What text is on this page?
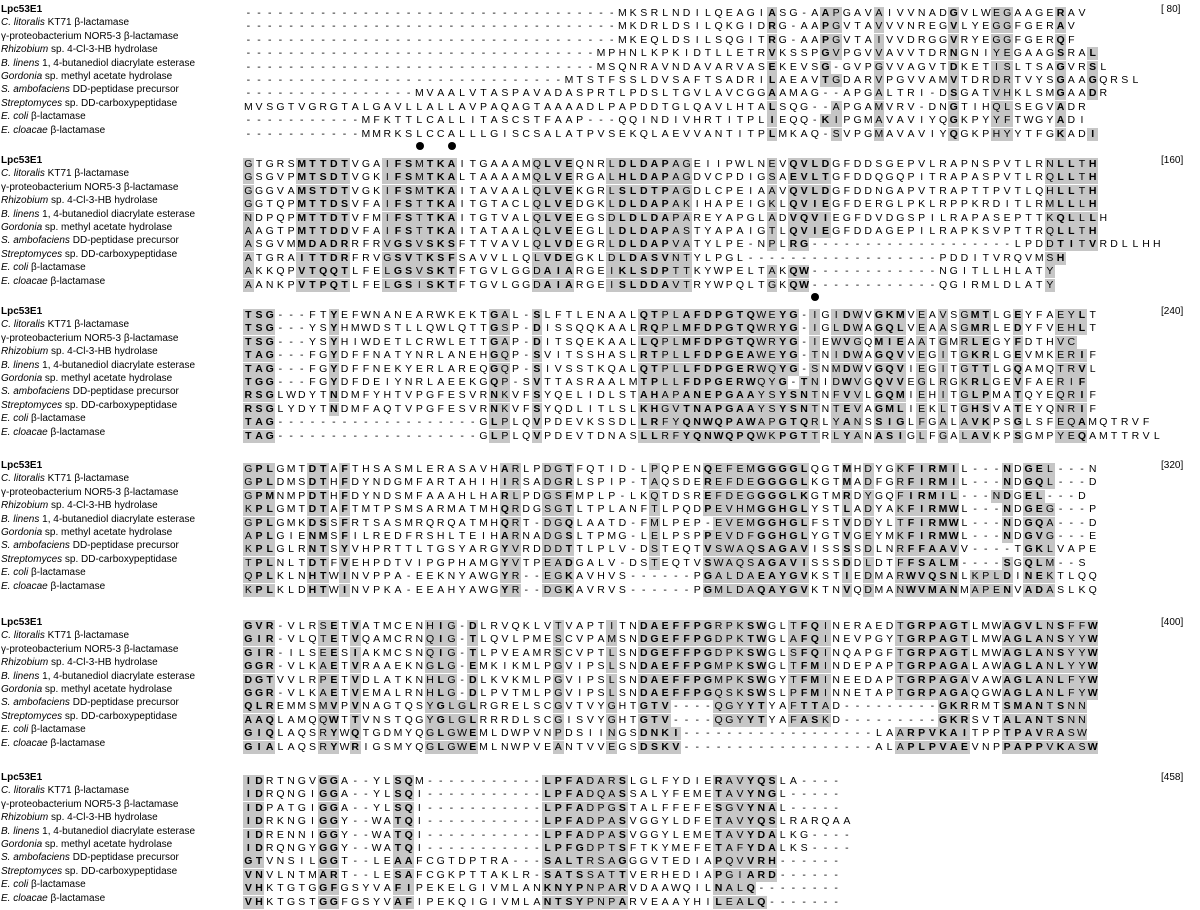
Lpc53E1	- - - - - - - - - - - - - - - - - - - - - - - - - - - - - - - - - - - M K S R L N D I L Q E A G I A S G - A A P G A V A I V V N A D G V L W E G A A G E R A V
C. litoralis KT71 β-lactamase	- - - - - - - - - - - - - - - - - - - - - - - - - - - - - - - - - - - M K D R L D S I L Q K G I D R G - A A P G V T A V V V N R E G V L Y E G G F G E R A V
γ-proteobacterium NOR5-3 β-lactamase	- - - - - - - - - - - - - - - - - - - - - - - - - - - - - - - - - - - M K E Q L D S I L S Q G I T R G - A A P G V T A I V V D R G G V R Y E G G F G E R Q F
Rhizobium sp. 4-Cl-3-HB hydrolase	- - - - - - - - - - - - - - - - - - - - - - - - - - - - - - - - - M P H N L K P K I D T L L E T R V K S S P G V P G V V A V V T D R N G N I Y E G A A G S R A L
B. linens 1, 4-butanediol diacrylate esterase	- - - - - - - - - - - - - - - - - - - - - - - - - - - - - - - - - M S Q N R A V N D A V A R V A S E K E V S G - G V P G V V A G V T D K E T I S L T S A G V R S L
Gordonia sp. methyl acetate hydrolase	- - - - - - - - - - - - - - - - - - - - - - - - - - - - - - M T S T F S S L D V S A F T S A D R I L A E A V T G D A R V P G V V A M V T D R D R T V Y S G A A G Q R S L
S. ambofaciens DD-peptidase precursor	- - - - - - - - - - - - - - - - M V A A L V T A S P A V A D A S P R T L P D S L T G V L A V C G G A A M A G - - A P G A L T R I - D S G A T V H K L S M G A A D R
Streptomyces sp. DD-carboxypeptidase	M V S G T V G R G T A L G A V L L A L L A V P A Q A G T A A A A D L P A P D D T G L Q A V L H T A L S Q G - - A P G A M V R V - D N G T I H Q L S E G V A D R
E. coli β-lactamase	- - - - - - - - - - - M F K T T L C A L L I T A S C S T F A A P - - - Q Q I N D I V H R T I T P L I E Q Q - K I P G M A V A V I Y Q G K P Y Y F T W G Y A D I
E. cloacae β-lactamase	- - - - - - - - - - - M M R K S L C C A L L L G I S C S A L A T P V S E K Q L A E V V A N T I T P L M K A Q - S V P G M A V A V I Y Q G K P H Y Y T F G K A D I
[ 80]
Lpc53E1	G T G R S M T T D T V G A I F S M T K A I T G A A A M Q L V E Q N R L D L D A P A G E I I P W L N E V Q V L D G F D D S G E P V L R A P N S P V T L R N L L T H
C. litoralis KT71 β-lactamase	G S G V P M T S D T V G K I F S M T K A L T A A A A M Q L V E R G A L H L D A P A G D V C P D I G S A E V L T G F D D Q G Q P I T R A P A S P V T L R Q L L T H
γ-proteobacterium NOR5-3 β-lactamase	G G G V A M S T D T V G K I F S M T K A I T A V A A L Q L V E K G R L S L D T P A G D L C P E I A A V Q V L D G F D D N G A P V T R A P T T P V T L Q H L L T H
Rhizobium sp. 4-Cl-3-HB hydrolase	G G T Q P M T T D S V F A I F S T T K A I T G T A C L Q L V E D G K L D L D A P A K I H A P E I G K L Q V I E G F D E R G L P K L R P P K R D I T L R M L L L H
B. linens 1, 4-butanediol diacrylate esterase	N D P Q P M T T D T V F M I F S T T K A I T G T V A L Q L V E E G S D L D L D A P A R E Y A P G L A D V Q V I E G F D V D G S P I L R A P A S E P T T K Q L L L H
Gordonia sp. methyl acetate hydrolase	A A G T P M T T D D V F A I F S T T K A I T A T A A L Q L V E E G L L D L D A P A S T Y A P A I G T L Q V I E G F D D A G E P I L R A P K S V P T T R Q L L T H
S. ambofaciens DD-peptidase precursor	A S G V M M D A D R R F R V G S V S K S F T T V A V L Q L V D E G R L D L D A P V A T Y L P E - N P L R G - - - - - - - - - - - - - - - - - - - L P D D T I T V R D L L H H
Streptomyces sp. DD-carboxypeptidase	A T G R A I T T D R F R V G S V T K S F S A V V L L Q L V D E G K L D L D A S V N T Y L P G L - - - - - - - - - - - - - - - - - - P D D I T V R Q V M S H
E. coli β-lactamase	A K K Q P V T Q Q T L F E L G S V S K T F T G V L G G D A I A R G E I K L S D P T T K Y W P E L T A K Q W - - - - - - - - - - - - N G I T L L H L A T Y
E. cloacae β-lactamase	A A N K P V T P Q T L F E L G S I S K T F T G V L G G D A I A R G E I S L D D A V T R Y W P Q L T G K Q W - - - - - - - - - - - - Q G I R M L D L A T Y
[160]
Lpc53E1	T S G - - - F T Y E F W N A N E A R W K E K T G A L - S L F T L E N A A L Q T P L A F D P G T Q W E Y G - I G I D W V G K M V E A V S G M T L G E Y F A E Y L T
C. litoralis KT71 β-lactamase	T S G - - - Y S Y H MW D S T L L Q W L Q T T G S P - D I S S Q Q K A A L R Q P L M F D P G T Q W R Y G - I G L D W A G Q L V E A A S G M R L E D Y F V E H L T
γ-proteobacterium NOR5-3 β-lactamase	T S G - - - Y S Y H I W D E T L C R W L E T T G A P - D I T S Q E K A A L L Q P L M F D P G T Q W R Y G - I E W V G Q M I E A A T G M R L E G Y F D T H V C
Rhizobium sp. 4-Cl-3-HB hydrolase	T A G - - - F G Y D F F N A T Y N R L A N E H G Q P - S V I T S S H A S L R T P L L F D P G E A W E Y G - T N I D W A G Q V V E G I T G K R L G E V M K E R I F
B. linens 1, 4-butanediol diacrylate esterase	T A G - - - F G Y D F F N E K Y E R L A R E Q G Q P - S I V S S T K Q A L Q T P L L F D P G E R W Q Y G - S N M D W V G Q V I E G I T G T T L G Q A M Q T R V L
Gordonia sp. methyl acetate hydrolase	T G G - - - F G Y D F D E I Y N R L A E E K G Q P - S V T T A S R A A L M T P L L F D P G E R W Q Y G - T N I D W V G Q V V E G L R G K R L G E V F A E R I F
S. ambofaciens DD-peptidase precursor	R S G L W D Y T N D M F Y H T V P G F E S V R N K V F S Y Q E L I D L S T A H A P A N E P G A A Y S Y S N T N F V V L G Q M I E H I T G L P M A T Q Y E Q R I F
Streptomyces sp. DD-carboxypeptidase	R S G L Y D Y T N D M F A Q T V P G F E S V R N K V F S Y Q D L I T L S L K H G V T N A P G A A Y S Y S N T N T E V A G M L I E K L T G H S V A T E Y Q N R I F
E. coli β-lactamase	T A G - - - - - - - - - - - - - - - - - - - G L P L Q V P D E V K S S D L L R F Y Q N W Q P A W A P G T Q R L Y A N S S I G L F G A L A V K P S G L S F E Q A M Q T R V F
E. cloacae β-lactamase	T A G - - - - - - - - - - - - - - - - - - - G L P L Q V P D E V T D N A S L L R F Y Q N W Q P Q W K P G T T R L Y A N A S I G L F G A L A V K P S G M P Y E Q A M T T R V L
[240]
Lpc53E1	G P L G M T D T A F T H S A S M L E R A S A V H A R L P D G T F Q T I D - L P Q P E N Q E F E M G G G G L Q G T M H D Y G K F I R M I L - - - N D G E L - - - N
C. litoralis KT71 β-lactamase	G P L D M S D T H F D Y N D G M F A R T A H I H I R S A D G R L S P I P - T A Q S D E R E F D E G G G G L K G T M A D F G R F I R M I L - - - N D G Q L - - - D
γ-proteobacterium NOR5-3 β-lactamase	G P M N M P D T H F D Y N D S M F A A A H L H A R L P D G S F M P L P - L K Q T D S R E F D E G G G G L K G T M R D Y G Q F I R M I L - - - N D G E L - - - D
Rhizobium sp. 4-Cl-3-HB hydrolase	K P L G M T D T A F T M T P S M S A R M A T M H Q R D G S G T L T P L A N F T L P Q D P E V H M G G H G L Y S T L A D Y A K F I R MW L - - - N D G E G - - - P
B. linens 1, 4-butanediol diacrylate esterase	G P L G M K D S S F R T S A S M R Q R Q A T M H Q R T - D G Q L A A T D - F M L P E P - E V E M G G H G L F S T V D D Y L T F I R MW L - - - N D G Q A - - - D
Gordonia sp. methyl acetate hydrolase	A P L G I E N M S F I L R E D F R S H L T E I H A R N A D G S L T P M G - L E L P S P P E V D F G G H G L Y G T V G E Y M K F I R MW L - - - N D G V G - - - E
S. ambofaciens DD-peptidase precursor	K P L G L R N T S Y V H P R T T L T G S Y A R G Y V R D D D T T L P L V - D S T E Q T V S W A Q S A G A V I S S S S D L N R F F A A V V - - - - T G K L V A P E
Streptomyces sp. DD-carboxypeptidase	T P L N L T D T F V E H P D T V I P G P H A M G Y V T P E A D G A L V - D S T E Q T V S W A Q S A G A V I S S S D D L D T F F S A L M - - - - S G Q L M - - S
E. coli β-lactamase	Q P L K L N H T W I N V P P A - E E K N Y A W G Y R - - E G K A V H V S - - - - - - P G A L D A E A Y G V K S T I E D M A R W V Q S N L K P L D I N E K T L Q Q
E. cloacae β-lactamase	K P L K L D H T W I N V P K A - E E A H Y A W G Y R - - D G K A V R V S - - - - - - P G M L D A Q A Y G V K T N V Q D M A N W V M A N M A P E N V A D A S L K Q
[320]
Lpc53E1	G V R - V L R S E T V A T M C E N H I G - D L R V Q K L V T V A P T I T N D A E F F P G R P K S W G L T F Q I N E R A E D T G R P A G T L MW A G V L N S F F W
C. litoralis KT71 β-lactamase	G I R - V L Q T E T V Q A M C R N Q I G - T L Q V L P M E S C V P A M S N D G E F F P G D P K T W G L A F Q I N E V P G Y T G R P A G T L MW A G L A N S Y Y W
γ-proteobacterium NOR5-3 β-lactamase	G I R - I L S E E S I A K M C S N Q I G - T L P V E A M R S C V P T L S N D G E F F P G D P K S W G L S F Q I N Q A P G F T G R P A G T L MW A G L A N S Y Y W
Rhizobium sp. 4-Cl-3-HB hydrolase	G G R - V L K A E T V R A A E K N G L G - E M K I K M L P G V I P S L S N D A E F F P G M P K S W G L T F M I N D E P A P T G R P A G A L A W A G L A N L Y Y W
B. linens 1, 4-butanediol diacrylate esterase	D G T V V L R P E T V D L A T K N H L G - D L K V K M L P G V I P S L S N D A E F F P G M P K S W G Y T F M I N E E D A P T G R P A G A V A W A G L A N L F Y W
Gordonia sp. methyl acetate hydrolase	G G R - V L K A E T V E M A L R N H L G - D L P V T M L P G V I P S L S N D A E F F P G Q S K S W S L P F M I N N E T A P T G R P A G A Q G W A G L A N L F Y W
S. ambofaciens DD-peptidase precursor	Q L R E M M S M V P V N A G T Q S Y G L G L R G R E L S C G V T V Y G H T G T V - - - - Q G Y Y T Y A F T T A D - - - - - - - - - G K R R M T S M A N T S N N
Streptomyces sp. DD-carboxypeptidase	A A Q L A M Q Q W T T V N S T Q G Y G L G L R R R D L S C G I S V Y G H T G T V - - - - Q G Y Y T Y A F A S K D - - - - - - - - - G K R S V T A L A N T S N N
E. coli β-lactamase	G I Q L A Q S R Y W Q T G D M Y Q G L G W E M L D W P V N P D S I I N G S D N K I - - - - - - - - - - - - - - - - - - L A A R P V K A I T P P T P A V R A S W
E. cloacae β-lactamase	G I A L A Q S R Y W R I G S M Y Q G L G W E M L N W P V E A N T V V E G S D S K V - - - - - - - - - - - - - - - - - - A L A P L P V A E V N P P A P P V K A S W
[400]
Lpc53E1	I D R T N G V G G A - - Y L S Q M - - - - - - - - - - - L P F A D A R S L G L F Y D I E R A V Y Q S L A - - - -
C. litoralis KT71 β-lactamase	I D R Q N G I G G A - - Y L S Q I - - - - - - - - - - - L P F A D Q A S S A L Y F E M E T A V Y N G L - - - - -
γ-proteobacterium NOR5-3 β-lactamase	I D P A T G I G G A - - Y L S Q I - - - - - - - - - - - L P F A D P G S T A L F F E F E S G V Y N A L - - - - -
Rhizobium sp. 4-Cl-3-HB hydrolase	I D R K N G I G G Y - - W A T Q I - - - - - - - - - - - L P F A D P A S V G G Y L D F E T A V Y Q S L R A R Q A A
B. linens 1, 4-butanediol diacrylate esterase	I D R E N N I G G Y - - W A T Q I - - - - - - - - - - - L P F A D P A S V G G Y L E M E T A V Y D A L K G - - - -
Gordonia sp. methyl acetate hydrolase	I D R Q N G Y G G Y - - W A T Q I - - - - - - - - - - - L P F G D P T S F T K Y M E F E T A F Y D A L K S - - - -
S. ambofaciens DD-peptidase precursor	G T V N S I L G G T - - L E A A F C G T D P T R A - - - S A L T R S A G G G V T E D I A P Q V V R H - - - - - -
Streptomyces sp. DD-carboxypeptidase	V N V L N T M A R T - - L E S A F C G K P T T A K L R - S A T S S A T T V E R H E D I A P G I A R D - - - - - -
E. coli β-lactamase	V H K T G T G G F G S Y V A F I P E K E L G I V M L A N K N Y P N P A R V D A A W Q I L N A L Q - - - - - - - -
E. cloacae β-lactamase	V H K T G S T G G F G S Y V A F I P E K Q I G I V M L A N T S Y P N P A R V E A A Y H I L E A L Q - - - - - - -
[458]
